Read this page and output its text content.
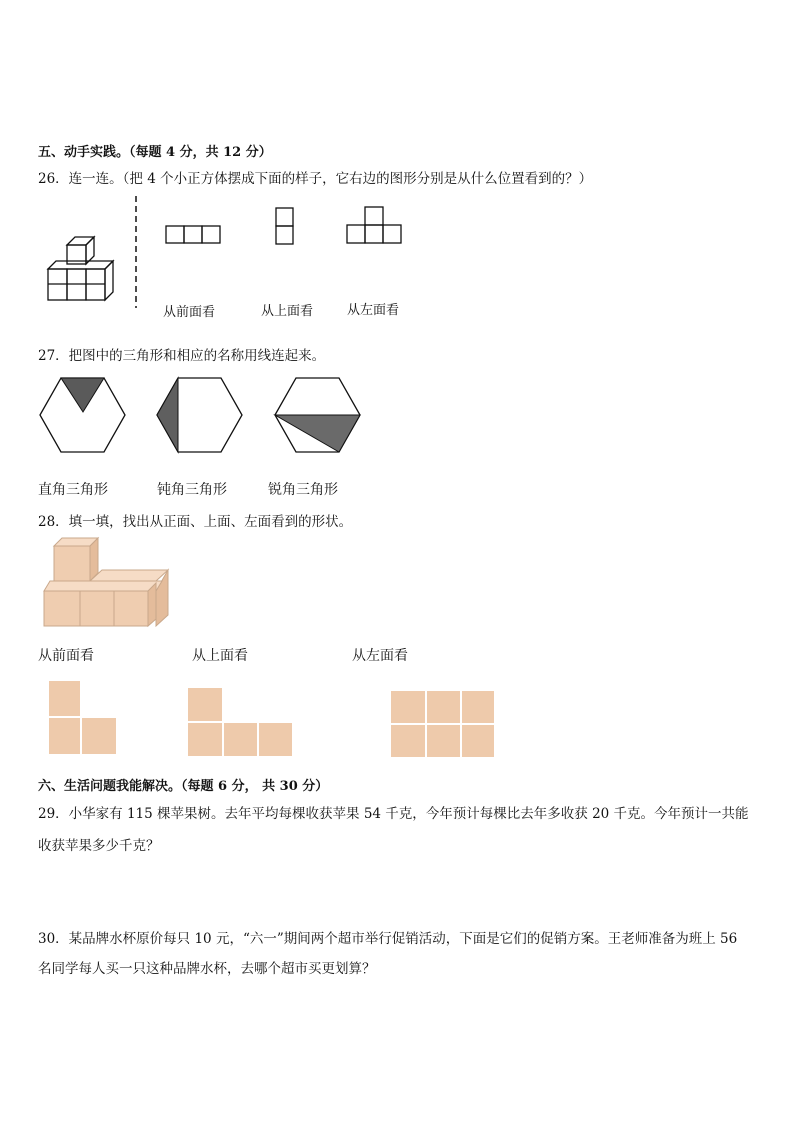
五、动手实践。（每题 4 分，共 12 分）
26．连一连。（把 4 个小正方体摆成下面的样子，它右边的图形分别是从什么位置看到的？）
从前面看	从上面看	从左面看
27．把图中的三角形和相应的名称用线连起来。
直角三角形	钝角三角形	锐角三角形
28．填一填，找出从正面、上面、左面看到的形状。
从前面看	从上面看	从左面看
六、生活问题我能解决。（每题 6 分， 共 30 分）
29．小华家有 115 棵苹果树。去年平均每棵收获苹果 54 千克，今年预计每棵比去年多收获 20 千克。今年预计一共能
收获苹果多少千克？
30．某品牌水杯原价每只 10 元，“六一”期间两个超市举行促销活动，下面是它们的促销方案。王老师准备为班上 56
名同学每人买一只这种品牌水杯，去哪个超市买更划算？
